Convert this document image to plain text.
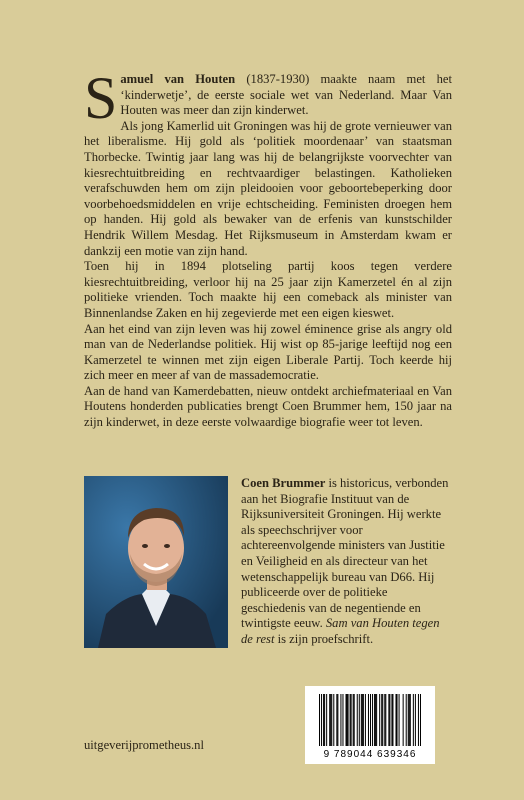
Samuel van Houten (1837-1930) maakte naam met het ‘kinderwetje’, de eerste sociale wet van Nederland. Maar Van Houten was meer dan zijn kinderwet.

Als jong Kamerlid uit Groningen was hij de grote vernieuwer van het liberalisme. Hij gold als ‘politiek moordenaar’ van staatsman Thorbecke. Twintig jaar lang was hij de belangrijkste voorvechter van kiesrechtuitbreiding en rechtvaardiger belastingen. Katholieken verafschuwden hem om zijn pleidooien voor geboortebeperking door voorbehoedsmiddelen en vrije echtscheiding. Feministen droegen hem op handen. Hij gold als bewaker van de erfenis van kunstschilder Hendrik Willem Mesdag. Het Rijksmuseum in Amsterdam kwam er dankzij een motie van zijn hand.

Toen hij in 1894 plotseling partij koos tegen verdere kiesrechtuitbreiding, verloor hij na 25 jaar zijn Kamerzetel én al zijn politieke vrienden. Toch maakte hij een comeback als minister van Binnenlandse Zaken en hij zegevierde met een eigen kieswet.

Aan het eind van zijn leven was hij zowel éminence grise als angry old man van de Nederlandse politiek. Hij wist op 85-jarige leeftijd nog een Kamerzetel te winnen met zijn eigen Liberale Partij. Toch keerde hij zich meer en meer af van de massademocratie.

Aan de hand van Kamerdebatten, nieuw ontdekt archiefmateriaal en Van Houtens honderden publicaties brengt Coen Brummer hem, 150 jaar na zijn kinderwet, in deze eerste volwaardige biografie weer tot leven.

Coen Brummer is historicus, verbonden aan het Biografie Instituut van de Rijksuniversiteit Groningen. Hij werkte als speechschrijver voor achtereenvolgende ministers van Justitie en Veiligheid en als directeur van het wetenschappelijk bureau van D66. Hij publiceerde over de politieke geschiedenis van de negentiende en twintigste eeuw. Sam van Houten tegen de rest is zijn proefschrift.

uitgeverijprometheus.nl
9 789044 639346
